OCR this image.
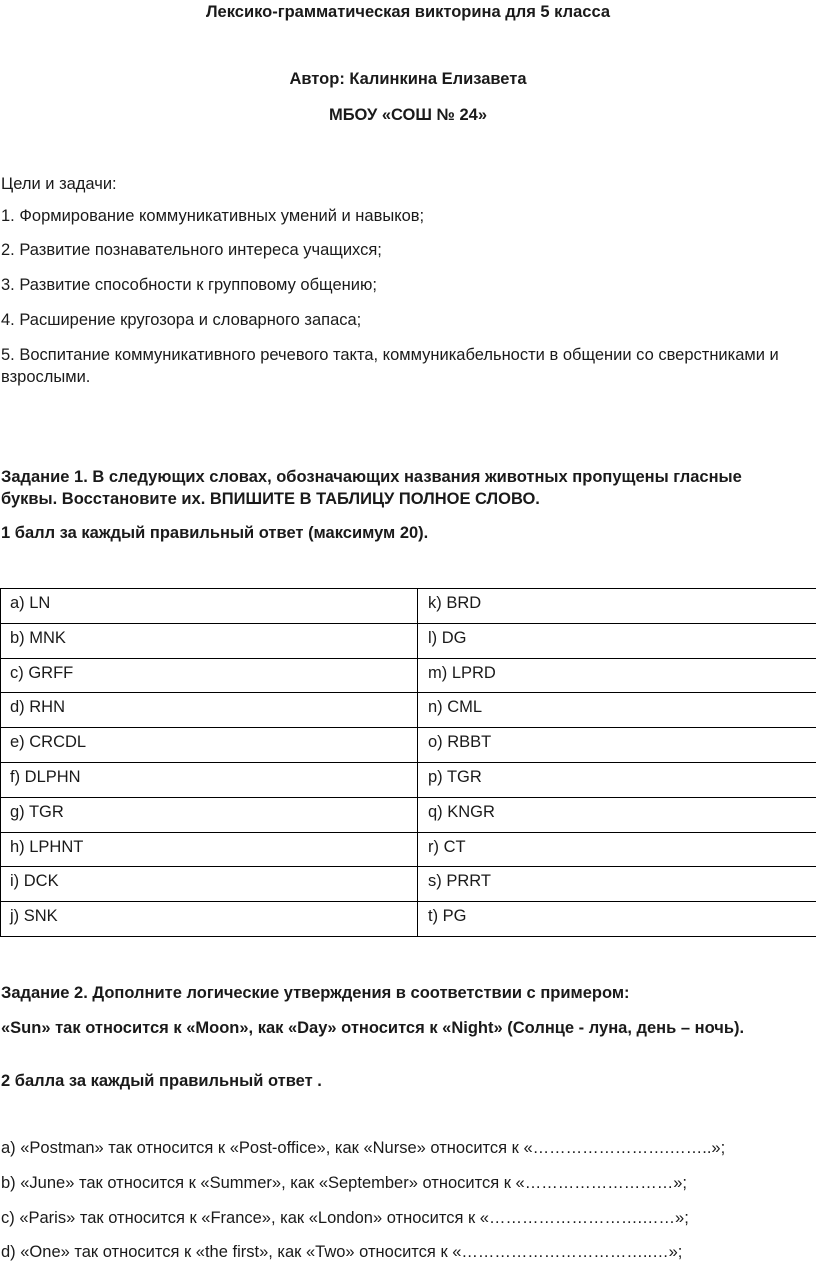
Лексико-грамматическая викторина для 5 класса
Автор: Калинкина Елизавета
МБОУ «СОШ № 24»
Цели и задачи:
1. Формирование коммуникативных умений и навыков;
2. Развитие познавательного интереса учащихся;
3. Развитие способности к групповому общению;
4. Расширение кругозора и словарного запаса;
5. Воспитание коммуникативного речевого такта, коммуникабельности в общении со сверстниками и взрослыми.
Задание 1. В следующих словах, обозначающих названия животных пропущены гласные буквы. Восстановите их. ВПИШИТЕ В ТАБЛИЦУ ПОЛНОЕ СЛОВО.
1 балл за каждый правильный ответ (максимум 20).
a) LN	k) BRD
b) MNK	l) DG
c) GRFF	m) LPRD
d) RHN	n) CML
e) CRCDL	o) RBBT
f) DLPHN	p) TGR
g) TGR	q) KNGR
h) LPHNT	r) CT
i) DCK	s) PRRT
j) SNK	t) PG
Задание 2. Дополните логические утверждения в соответствии с примером:
«Sun» так относится к «Moon», как «Day» относится к «Night» (Солнце - луна, день – ночь).
2 балла за каждый правильный ответ .
a) «Postman» так относится к «Post-office», как «Nurse» относится к «…………………….……..»;
b) «June» так относится к «Summer», как «September» относится к «………………………»;
c) «Paris» так относится к «France», как «London» относится к «……………………….……»;
d) «One» так относится к «the first», как «Two» относится к «……………………………..…»;
